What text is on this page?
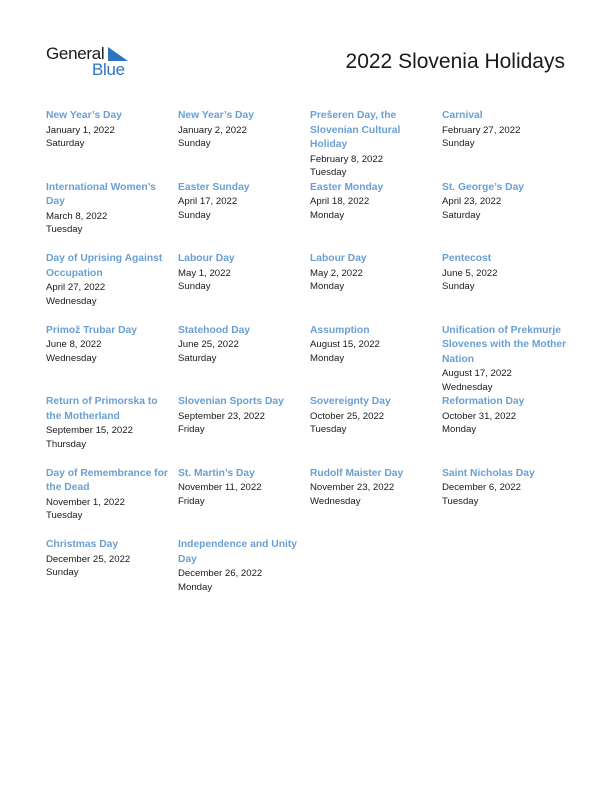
General
Blue	2022 Slovenia Holidays
New Year’s Day
January 1, 2022
Saturday
New Year’s Day
January 2, 2022
Sunday
Prešeren Day, the Slovenian Cultural Holiday
February 8, 2022
Tuesday
Carnival
February 27, 2022
Sunday
International Women’s Day
March 8, 2022
Tuesday
Easter Sunday
April 17, 2022
Sunday
Easter Monday
April 18, 2022
Monday
St. George’s Day
April 23, 2022
Saturday
Day of Uprising Against Occupation
April 27, 2022
Wednesday
Labour Day
May 1, 2022
Sunday
Labour Day
May 2, 2022
Monday
Pentecost
June 5, 2022
Sunday
Primož Trubar Day
June 8, 2022
Wednesday
Statehood Day
June 25, 2022
Saturday
Assumption
August 15, 2022
Monday
Unification of Prekmurje Slovenes with the Mother Nation
August 17, 2022
Wednesday
Return of Primorska to the Motherland
September 15, 2022
Thursday
Slovenian Sports Day
September 23, 2022
Friday
Sovereignty Day
October 25, 2022
Tuesday
Reformation Day
October 31, 2022
Monday
Day of Remembrance for the Dead
November 1, 2022
Tuesday
St. Martin’s Day
November 11, 2022
Friday
Rudolf Maister Day
November 23, 2022
Wednesday
Saint Nicholas Day
December 6, 2022
Tuesday
Christmas Day
December 25, 2022
Sunday
Independence and Unity Day
December 26, 2022
Monday
